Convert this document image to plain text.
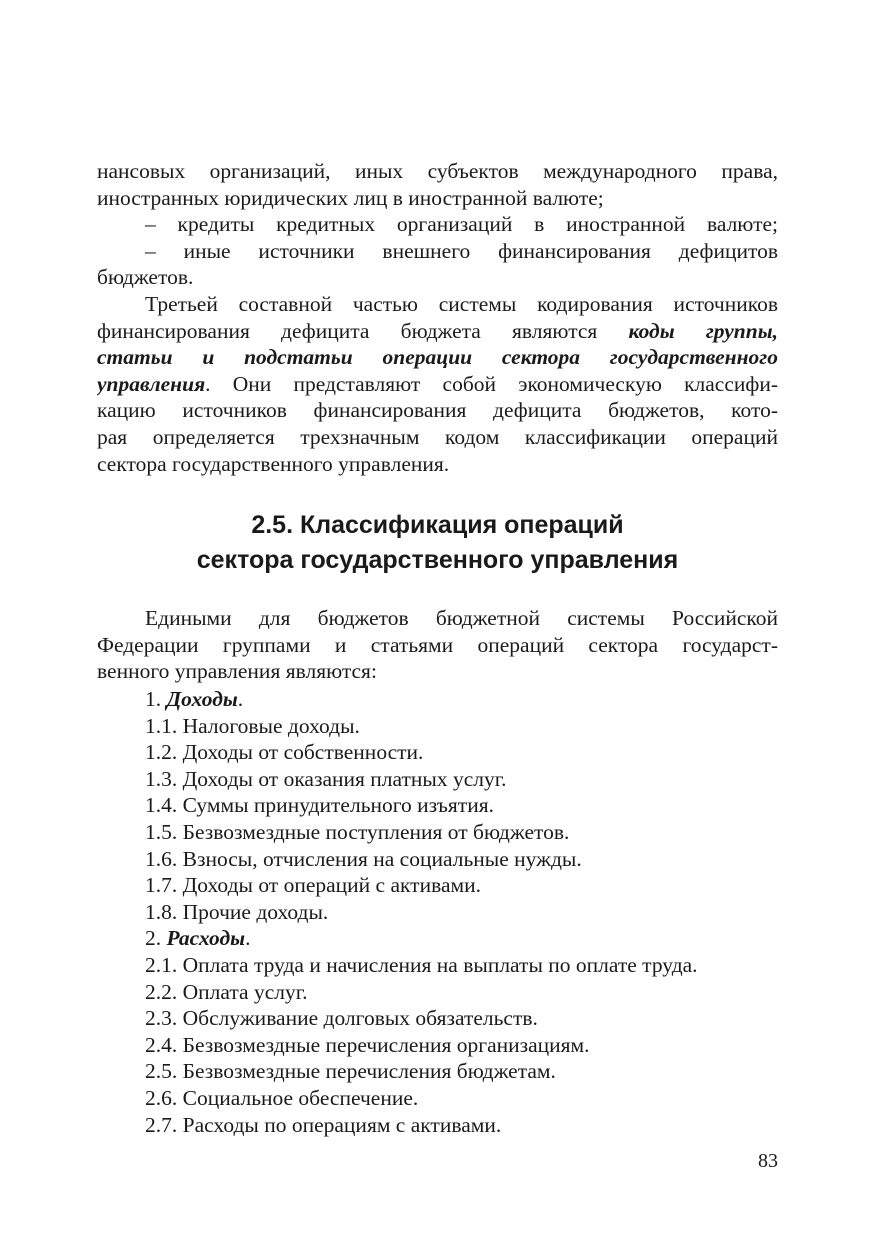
нансовых организаций, иных субъектов международного права,
иностранных юридических лиц в иностранной валюте;
– кредиты кредитных организаций в иностранной валюте;
– иные источники внешнего финансирования дефицитов
бюджетов.
Третьей составной частью системы кодирования источников
финансирования дефицита бюджета являются коды группы,
статьи и подстатьи операции сектора государственного
управления. Они представляют собой экономическую классифи-
кацию источников финансирования дефицита бюджетов, кото-
рая определяется трехзначным кодом классификации операций
сектора государственного управления.
2.5. Классификация операций
сектора государственного управления
Едиными для бюджетов бюджетной системы Российской
Федерации группами и статьями операций сектора государст-
венного управления являются:
1. Доходы.
1.1. Налоговые доходы.
1.2. Доходы от собственности.
1.3. Доходы от оказания платных услуг.
1.4. Суммы принудительного изъятия.
1.5. Безвозмездные поступления от бюджетов.
1.6. Взносы, отчисления на социальные нужды.
1.7. Доходы от операций с активами.
1.8. Прочие доходы.
2. Расходы.
2.1. Оплата труда и начисления на выплаты по оплате труда.
2.2. Оплата услуг.
2.3. Обслуживание долговых обязательств.
2.4. Безвозмездные перечисления организациям.
2.5. Безвозмездные перечисления бюджетам.
2.6. Социальное обеспечение.
2.7. Расходы по операциям с активами.
83
